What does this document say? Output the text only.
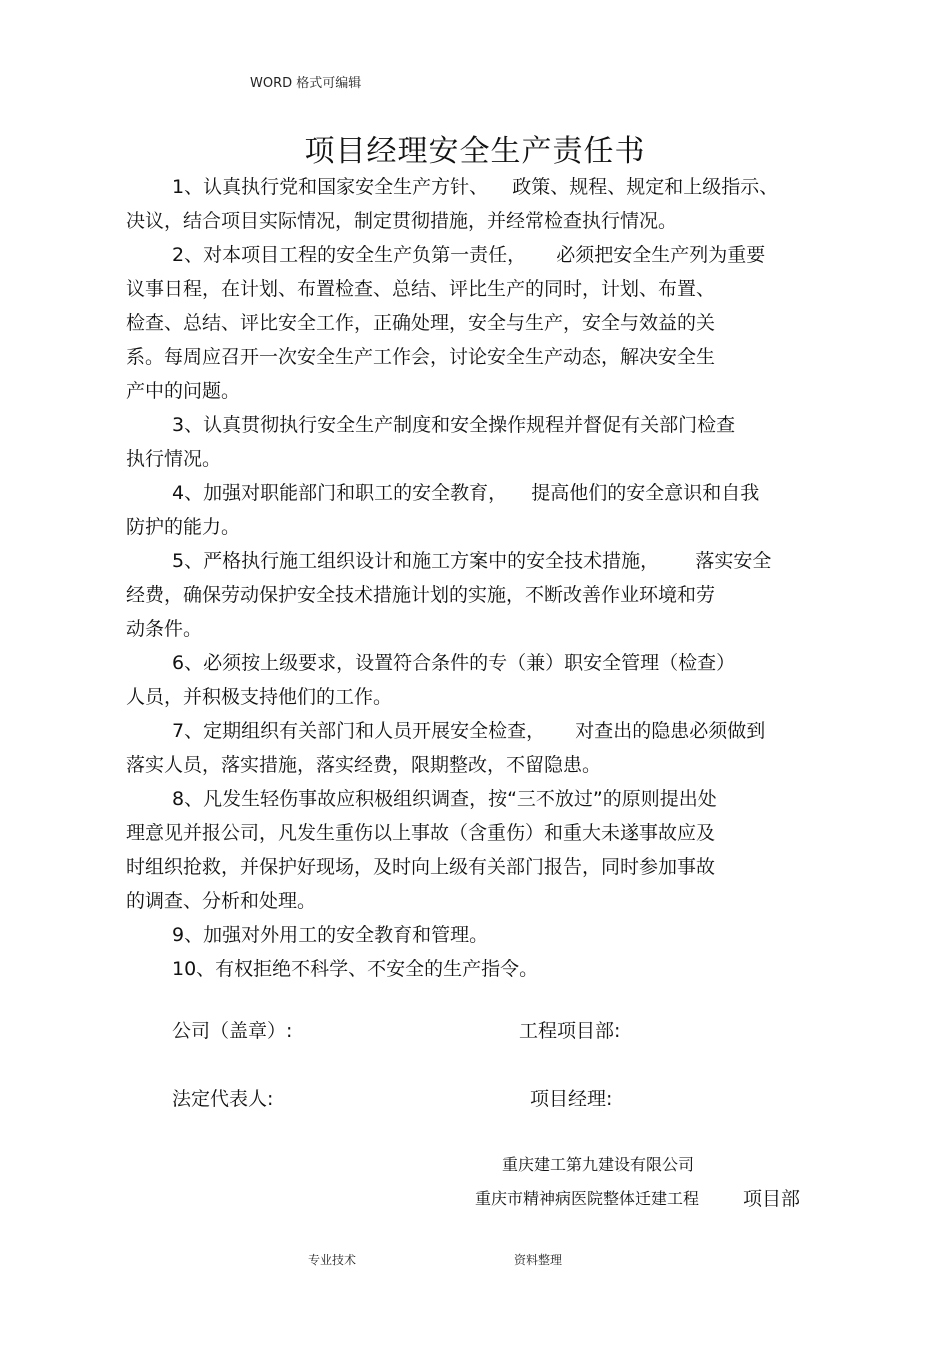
WORD 格式可编辑
项目经理安全生产责任书
1、认真执行党和国家安全生产方针、    政策、规程、规定和上级指示、
决议，结合项目实际情况，制定贯彻措施，并经常检查执行情况。
2、对本项目工程的安全生产负第一责任，     必须把安全生产列为重要
议事日程，在计划、布置检查、总结、评比生产的同时，计划、布置、
检查、总结、评比安全工作，正确处理，安全与生产，安全与效益的关
系。每周应召开一次安全生产工作会，讨论安全生产动态，解决安全生
产中的问题。
3、认真贯彻执行安全生产制度和安全操作规程并督促有关部门检查
执行情况。
4、加强对职能部门和职工的安全教育，    提高他们的安全意识和自我
防护的能力。
5、严格执行施工组织设计和施工方案中的安全技术措施，      落实安全
经费，确保劳动保护安全技术措施计划的实施，不断改善作业环境和劳
动条件。
6、必须按上级要求，设置符合条件的专（兼）职安全管理（检查）
人员，并积极支持他们的工作。
7、定期组织有关部门和人员开展安全检查，     对查出的隐患必须做到
落实人员，落实措施，落实经费，限期整改，不留隐患。
8、凡发生轻伤事故应积极组织调查，按“三不放过”的原则提出处
理意见并报公司，凡发生重伤以上事故（含重伤）和重大未遂事故应及
时组织抢救，并保护好现场，及时向上级有关部门报告，同时参加事故
的调查、分析和处理。
9、加强对外用工的安全教育和管理。
10、有权拒绝不科学、不安全的生产指令。
公司（盖章）:	工程项目部:
法定代表人:	项目经理:
重庆建工第九建设有限公司
重庆市精神病医院整体迁建工程 项目部
专业技术	资料整理
